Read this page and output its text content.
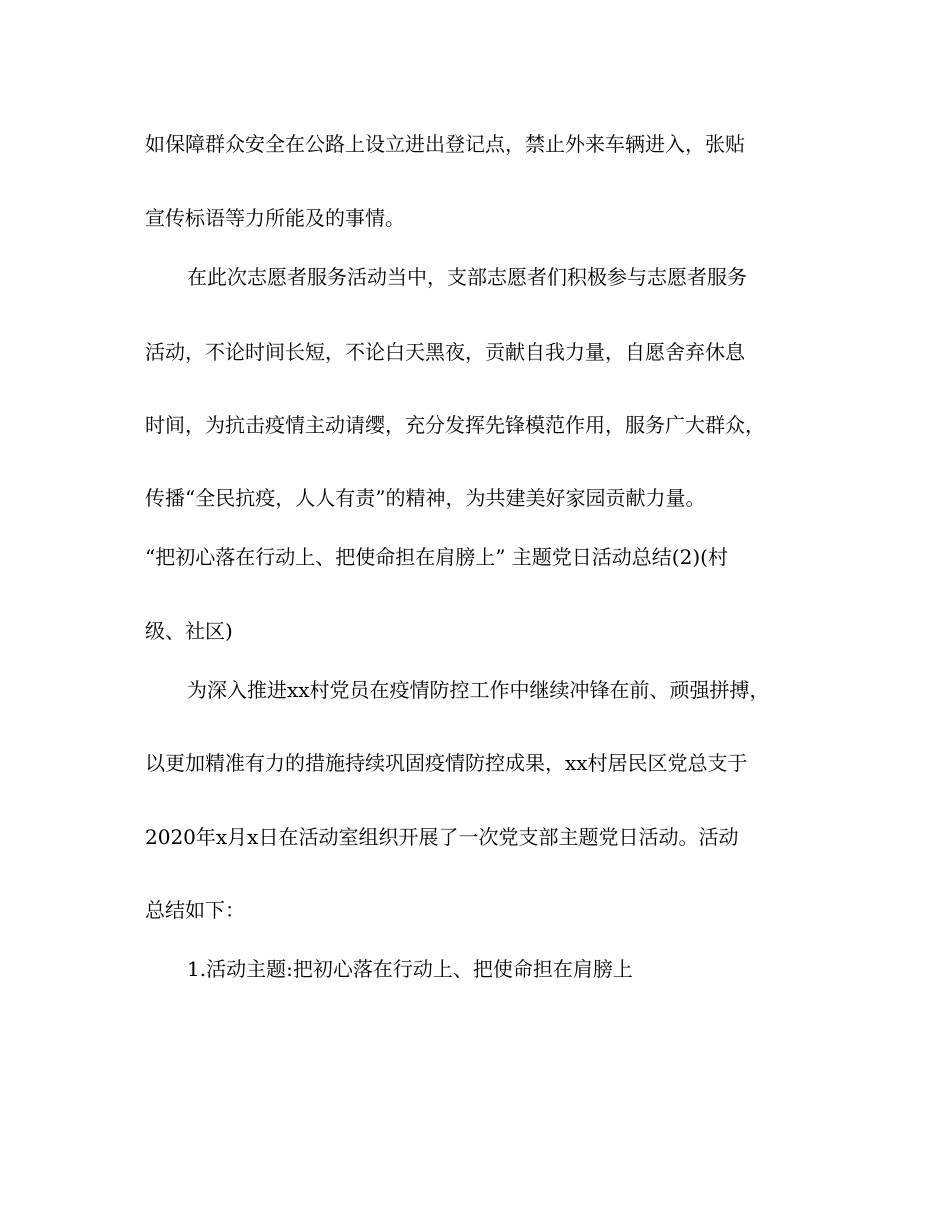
如保障群众安全在公路上设立进出登记点，禁止外来车辆进入，张贴
宣传标语等力所能及的事情。
在此次志愿者服务活动当中，支部志愿者们积极参与志愿者服务
活动，不论时间长短，不论白天黑夜，贡献自我力量，自愿舍弃休息
时间，为抗击疫情主动请缨，充分发挥先锋模范作用，服务广大群众，
传播“全民抗疫，人人有责”的精神，为共建美好家园贡献力量。
“把初心落在行动上、把使命担在肩膀上” 主题党日活动总结(2)(村
级、社区)
为深入推进xx村党员在疫情防控工作中继续冲锋在前、顽强拼搏，
以更加精准有力的措施持续巩固疫情防控成果，xx村居民区党总支于
2020年x月x日在活动室组织开展了一次党支部主题党日活动。活动
总结如下：
1.活动主题:把初心落在行动上、把使命担在肩膀上
